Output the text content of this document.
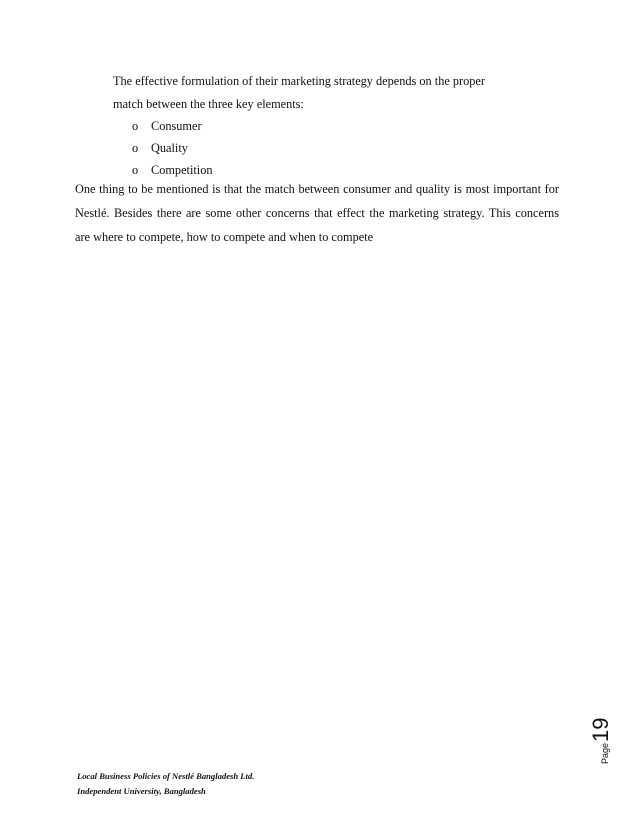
The effective formulation of their marketing strategy depends on the proper
match between the three key elements:
o Consumer
o Quality
o Competition
One thing to be mentioned is that the match between consumer and quality is most important for
Nestlé. Besides there are some other concerns that effect the marketing strategy. This concerns
are where to compete, how to compete and when to compete
Page
19
Local Business Policies of Nestlé Bangladesh Ltd.
Independent University, Bangladesh
